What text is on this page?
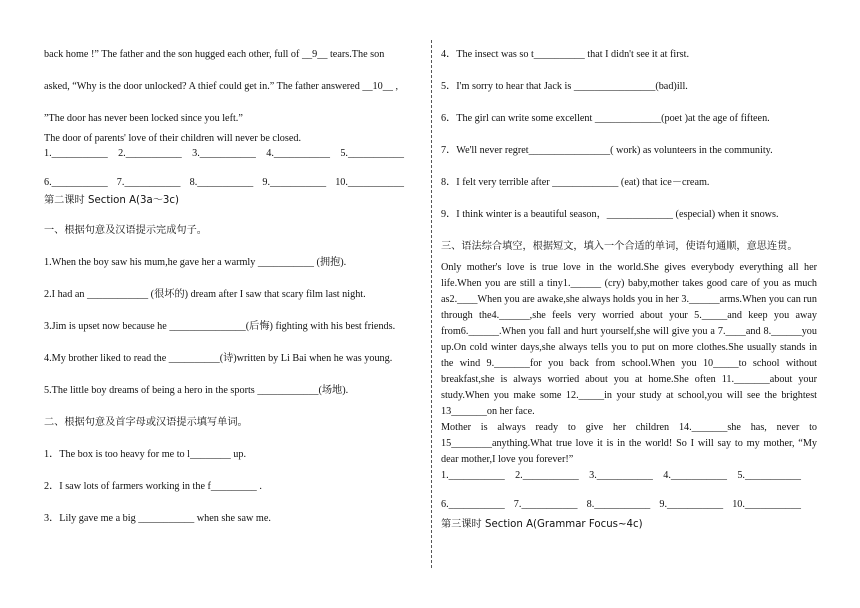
back home !” The father and the son hugged each other, full of __9__ tears.The son
asked, “Why is the door unlocked? A thief could get in.” The father answered __10__ ,
”The door has never been locked since you left.”
The door of parents' love of their children will never be closed.
1.___________ 2.___________ 3.___________ 4.___________ 5.___________
6.___________ 7.___________ 8.___________ 9.___________ 10.___________
第二课时 Section A(3a～3c)
一、根据句意及汉语提示完成句子。
1.When the boy saw his mum,he gave her a warmly ___________ (拥抱).
2.I had an ____________ (很坏的) dream after I saw that scary film last night.
3.Jim is upset now because he _______________(后悔) fighting with his best friends.
4.My brother liked to read the __________(诗)written by Li Bai when he was young.
5.The little boy dreams of being a hero in the sports ____________(场地).
二、根据句意及首字母或汉语提示填写单词。
1．The box is too heavy for me to l________ up.
2．I saw lots of farmers working in the f_________ .
3．Lily gave me a big ___________ when she saw me.
4．The insect was so t__________ that I didn't see it at first.
5．I'm sorry to hear that Jack is ________________(bad)ill.
6．The girl can write some excellent _____________(poet )at the age of fifteen.
7．We'll never regret________________( work) as volunteers in the community.
8．I felt very terrible after _____________ (eat) that ice－cream.
9．I think winter is a beautiful season，_____________ (especial) when it snows.
三、语法综合填空，根据短文，填入一个合适的单词，使语句通顺，意思连贯。

Only mother's love is true love in the world.She gives everybody everything all her life.When you are still a tiny1.______ (cry) baby,mother takes good care of you as much as2.____When you are awake,she always holds you in her 3.______arms.When you can run through the4.______,she feels very worried about your 5._____and keep you away from6.______.When you fall and hurt yourself,she will give you a 7.____and 8.______you up.On cold winter days,she always tells you to put on more clothes.She usually stands in the wind 9._______for you back from school.When you 10_____to school without breakfast,she is always worried about you at home.She often 11._______about your study.When you make some 12._____in your study at school,you will see the brightest 13_______on her face.

Mother is always ready to give her children 14._______she has, never to 15________anything.What true love it is in the world! So I will say to my mother, “My dear mother,I love you forever!”

1.___________ 2.___________ 3.___________ 4.___________ 5.___________
6.___________ 7.___________ 8.___________ 9.___________ 10.___________
第三课时 Section A(Grammar Focus~4c)
